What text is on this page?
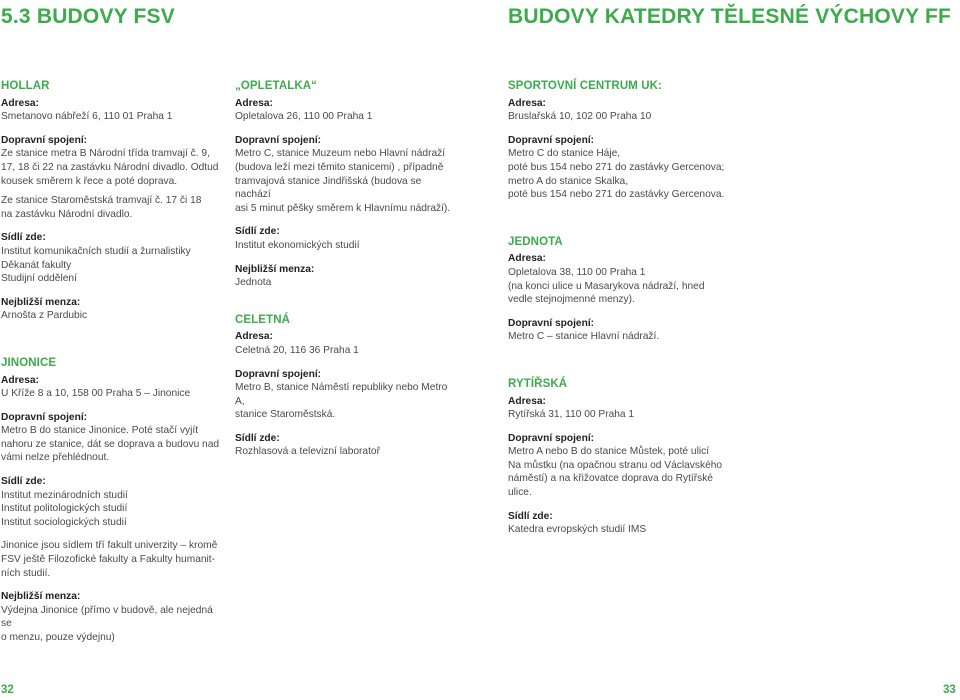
5.3 BUDOVY FSV	BUDOVY KATEDRY TĚLESNÉ VÝCHOVY FF
HOLLAR
Adresa:
Smetanovo nábřeží 6, 110 01 Praha 1
Dopravní spojení:
Ze stanice metra B Národní třída tramvají č. 9,
17, 18 či 22 na zastávku Národní divadlo. Odtud
kousek směrem k řece a poté doprava.
Ze stanice Staroměstská tramvají č. 17 či 18
na zastávku Národní divadlo.
Sídlí zde:
Institut komunikačních studií a žurnalistiky
Děkanát fakulty
Studijní oddělení
Nejbližší menza:
Arnošta z Pardubic
JINONICE
Adresa:
U Kříže 8 a 10, 158 00 Praha 5 – Jinonice
Dopravní spojení:
Metro B do stanice Jinonice. Poté stačí vyjít
nahoru ze stanice, dát se doprava a budovu nad
vámi nelze přehlédnout.
Sídlí zde:
Institut mezinárodních studií
Institut politologických studií
Institut sociologických studií
Jinonice jsou sídlem tří fakult univerzity – kromě
FSV ještě Filozofické fakulty a Fakulty humanit-
ních studií.
Nejbližší menza:
Výdejna Jinonice (přímo v budově, ale nejedná se
o menzu, pouze výdejnu)
„OPLETALKA“
Adresa:
Opletalova 26, 110 00 Praha 1
Dopravní spojení:
Metro C, stanice Muzeum nebo Hlavní nádraží
(budova leží mezi těmito stanicemi) , případně
tramvajová stanice Jindřišská (budova se nachází
asi 5 minut pěšky směrem k Hlavnímu nádraží).
Sídlí zde:
Institut ekonomických studií
Nejbližší menza:
Jednota
CELETNÁ
Adresa:
Celetná 20, 116 36 Praha 1
Dopravní spojení:
Metro B, stanice Náměstí republiky nebo Metro A,
stanice Staroměstská.
Sídlí zde:
Rozhlasová a televizní laboratoř
SPORTOVNÍ CENTRUM UK:
Adresa:
Bruslařská 10, 102 00 Praha 10
Dopravní spojení:
Metro C do stanice Háje,
poté bus 154 nebo 271 do zastávky Gercenova;
metro A do stanice Skalka,
poté bus 154 nebo 271 do zastávky Gercenova.
JEDNOTA
Adresa:
Opletalova 38, 110 00 Praha 1
(na konci ulice u Masarykova nádraží, hned
vedle stejnojmenné menzy).
Dopravní spojení:
Metro C – stanice Hlavní nádraží.
RYTÍŘSKÁ
Adresa:
Rytířská 31, 110 00 Praha 1
Dopravní spojení:
Metro A nebo B do stanice Můstek, poté ulicí
Na můstku (na opačnou stranu od Václavského
náměstí) a na křižovatce doprava do Rytířské
ulice.
Sídlí zde:
Katedra evropských studií IMS
32	33
